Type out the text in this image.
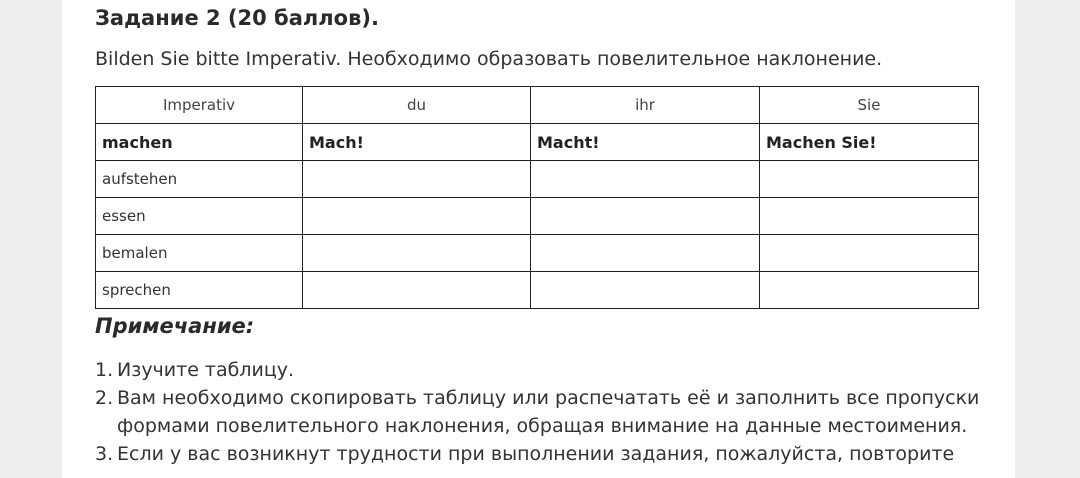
Задание 2 (20 баллов).
Bilden Sie bitte Imperativ. Необходимо образовать повелительное наклонение.
Imperativ	du	ihr	Sie
machen	Mach!	Macht!	Machen Sie!
aufstehen			
essen			
bemalen			
sprechen			
Примечание:
1. Изучите таблицу.
2. Вам необходимо скопировать таблицу или распечатать её и заполнить все пропуски формами повелительного наклонения, обращая внимание на данные местоимения.
3. Если у вас возникнут трудности при выполнении задания, пожалуйста, повторите
